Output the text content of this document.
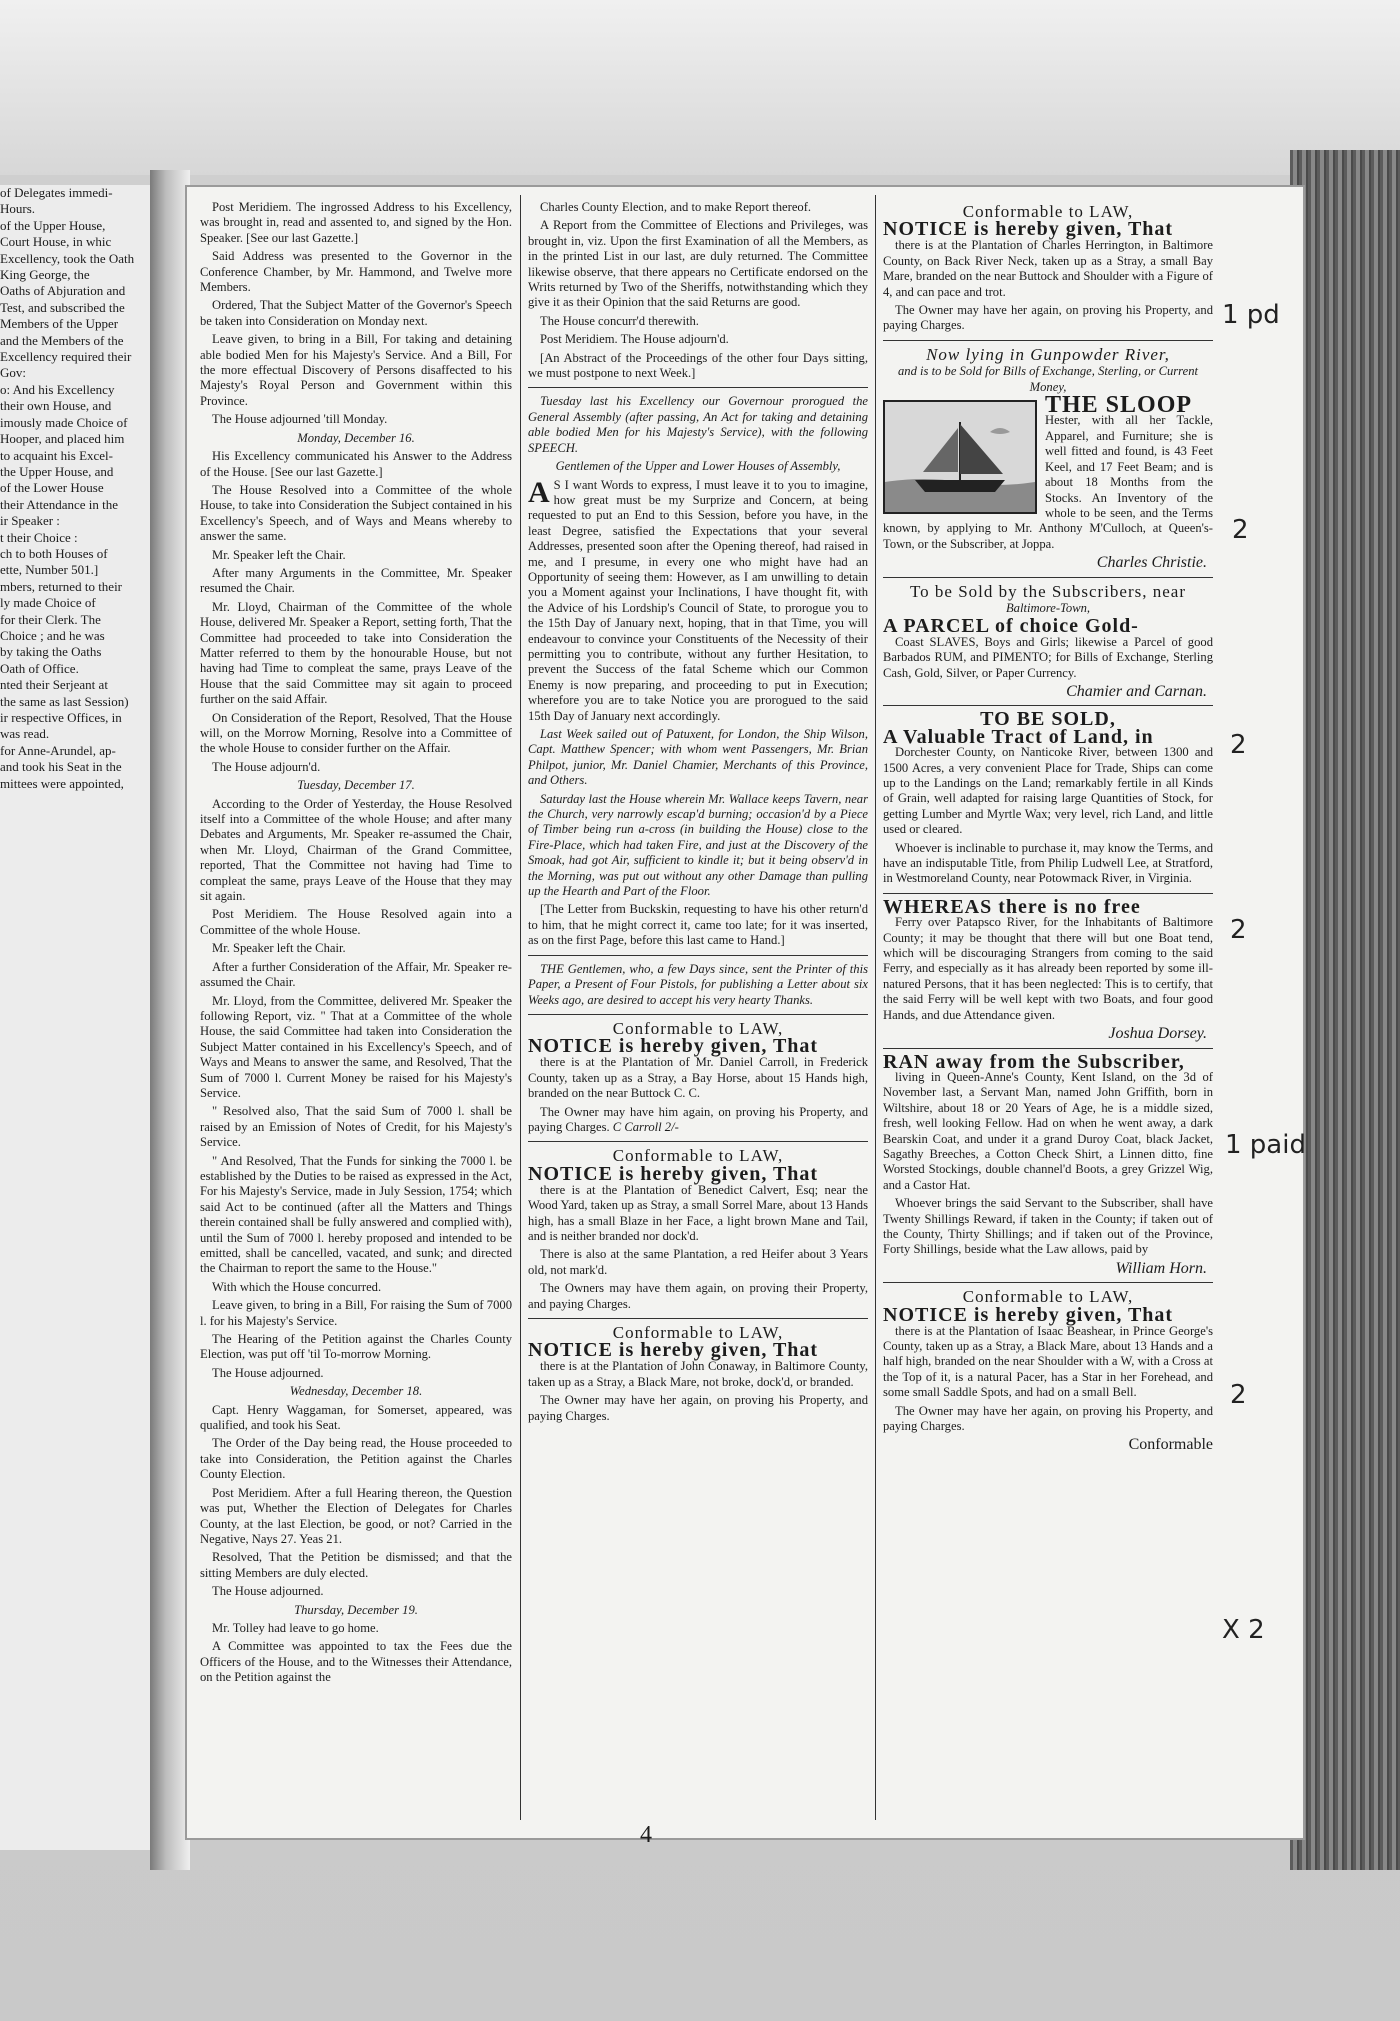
of Delegates immedi-
Hours.
of the Upper House,
Court House, in whic
Excellency, took the Oath
King George, the
Oaths of Abjuration and
Test, and subscribed the
Members of the Upper
and the Members of the
Excellency required their
Gov:
o: And his Excellency
their own House, and
imously made Choice of
Hooper, and placed him
to acquaint his Excel-
the Upper House, and
of the Lower House
their Attendance in the
ir Speaker :
t their Choice :
ch to both Houses of
ette, Number 501.]
mbers, returned to their
ly made Choice of
for their Clerk. The
Choice ; and he was
by taking the Oaths
Oath of Office.
nted their Serjeant at
the same as last Session)
ir respective Offices, in
was read.
for Anne-Arundel, ap-
and took his Seat in the
mittees were appointed,

Post Meridiem. The ingrossed Address to his Excellency, was brought in, read and assented to, and signed by the Hon. Speaker. [See our last Gazette.]

Said Address was presented to the Governor in the Conference Chamber, by Mr. Hammond, and Twelve more Members.

Ordered, That the Subject Matter of the Governor's Speech be taken into Consideration on Monday next.

Leave given, to bring in a Bill, For taking and detaining able bodied Men for his Majesty's Service. And a Bill, For the more effectual Discovery of Persons disaffected to his Majesty's Royal Person and Government within this Province.

The House adjourned 'till Monday.

Monday, December 16.

His Excellency communicated his Answer to the Address of the House. [See our last Gazette.]

The House Resolved into a Committee of the whole House, to take into Consideration the Subject contained in his Excellency's Speech, and of Ways and Means whereby to answer the same.

Mr. Speaker left the Chair.

After many Arguments in the Committee, Mr. Speaker resumed the Chair.

Mr. Lloyd, Chairman of the Committee of the whole House, delivered Mr. Speaker a Report, setting forth, That the Committee had proceeded to take into Consideration the Matter referred to them by the honourable House, but not having had Time to compleat the same, prays Leave of the House that the said Committee may sit again to proceed further on the said Affair.

On Consideration of the Report, Resolved, That the House will, on the Morrow Morning, Resolve into a Committee of the whole House to consider further on the Affair.

The House adjourn'd.

Tuesday, December 17.

According to the Order of Yesterday, the House Resolved itself into a Committee of the whole House; and after many Debates and Arguments, Mr. Speaker re-assumed the Chair, when Mr. Lloyd, Chairman of the Grand Committee, reported, That the Committee not having had Time to compleat the same, prays Leave of the House that they may sit again.

Post Meridiem. The House Resolved again into a Committee of the whole House.

Mr. Speaker left the Chair.

After a further Consideration of the Affair, Mr. Speaker re-assumed the Chair.

Mr. Lloyd, from the Committee, delivered Mr. Speaker the following Report, viz. " That at a Committee of the whole House, the said Committee had taken into Consideration the Subject Matter contained in his Excellency's Speech, and of Ways and Means to answer the same, and Resolved, That the Sum of 7000 l. Current Money be raised for his Majesty's Service.

" Resolved also, That the said Sum of 7000 l. shall be raised by an Emission of Notes of Credit, for his Majesty's Service.

" And Resolved, That the Funds for sinking the 7000 l. be established by the Duties to be raised as expressed in the Act, For his Majesty's Service, made in July Session, 1754; which said Act to be continued (after all the Matters and Things therein contained shall be fully answered and complied with), until the Sum of 7000 l. hereby proposed and intended to be emitted, shall be cancelled, vacated, and sunk; and directed the Chairman to report the same to the House."

With which the House concurred.

Leave given, to bring in a Bill, For raising the Sum of 7000 l. for his Majesty's Service.

The Hearing of the Petition against the Charles County Election, was put off 'til To-morrow Morning.

The House adjourned.

Wednesday, December 18.

Capt. Henry Waggaman, for Somerset, appeared, was qualified, and took his Seat.

The Order of the Day being read, the House proceeded to take into Consideration, the Petition against the Charles County Election.

Post Meridiem. After a full Hearing thereon, the Question was put, Whether the Election of Delegates for Charles County, at the last Election, be good, or not? Carried in the Negative, Nays 27. Yeas 21.

Resolved, That the Petition be dismissed; and that the sitting Members are duly elected.

The House adjourned.

Thursday, December 19.

Mr. Tolley had leave to go home.

A Committee was appointed to tax the Fees due the Officers of the House, and to the Witnesses their Attendance, on the Petition against the

Charles County Election, and to make Report thereof.

A Report from the Committee of Elections and Privileges, was brought in, viz. Upon the first Examination of all the Members, as in the printed List in our last, are duly returned. The Committee likewise observe, that there appears no Certificate endorsed on the Writs returned by Two of the Sheriffs, notwithstanding which they give it as their Opinion that the said Returns are good.

The House concurr'd therewith.

Post Meridiem. The House adjourn'd.

[An Abstract of the Proceedings of the other four Days sitting, we must postpone to next Week.]

Tuesday last his Excellency our Governour prorogued the General Assembly (after passing, An Act for taking and detaining able bodied Men for his Majesty's Service), with the following SPEECH.

Gentlemen of the Upper and Lower Houses of Assembly,

A S I want Words to express, I must leave it to you to imagine, how great must be my Surprize and Concern, at being requested to put an End to this Session, before you have, in the least Degree, satisfied the Expectations that your several Addresses, presented soon after the Opening thereof, had raised in me, and I presume, in every one who might have had an Opportunity of seeing them: However, as I am unwilling to detain you a Moment against your Inclinations, I have thought fit, with the Advice of his Lordship's Council of State, to prorogue you to the 15th Day of January next, hoping, that in that Time, you will endeavour to convince your Constituents of the Necessity of their permitting you to contribute, without any further Hesitation, to prevent the Success of the fatal Scheme which our Common Enemy is now preparing, and proceeding to put in Execution; wherefore you are to take Notice you are prorogued to the said 15th Day of January next accordingly.

Last Week sailed out of Patuxent, for London, the Ship Wilson, Capt. Matthew Spencer; with whom went Passengers, Mr. Brian Philpot, junior, Mr. Daniel Chamier, Merchants of this Province, and Others.

Saturday last the House wherein Mr. Wallace keeps Tavern, near the Church, very narrowly escap'd burning; occasion'd by a Piece of Timber being run a-cross (in building the House) close to the Fire-Place, which had taken Fire, and just at the Discovery of the Smoak, had got Air, sufficient to kindle it; but it being observ'd in the Morning, was put out without any other Damage than pulling up the Hearth and Part of the Floor.

[The Letter from Buckskin, requesting to have his other return'd to him, that he might correct it, came too late; for it was inserted, as on the first Page, before this last came to Hand.]

THE Gentlemen, who, a few Days since, sent the Printer of this Paper, a Present of Four Pistols, for publishing a Letter about six Weeks ago, are desired to accept his very hearty Thanks.

Conformable to LAW,
NOTICE is hereby given, That

there is at the Plantation of Mr. Daniel Carroll, in Frederick County, taken up as a Stray, a Bay Horse, about 15 Hands high, branded on the near Buttock C. C.

The Owner may have him again, on proving his Property, and paying Charges. C Carroll 2/-

Conformable to LAW,
NOTICE is hereby given, That

there is at the Plantation of Benedict Calvert, Esq; near the Wood Yard, taken up as Stray, a small Sorrel Mare, about 13 Hands high, has a small Blaze in her Face, a light brown Mane and Tail, and is neither branded nor dock'd.

There is also at the same Plantation, a red Heifer about 3 Years old, not mark'd.

The Owners may have them again, on proving their Property, and paying Charges.

Conformable to LAW,
NOTICE is hereby given, That

there is at the Plantation of John Conaway, in Baltimore County, taken up as a Stray, a Black Mare, not broke, dock'd, or branded.

The Owner may have her again, on proving his Property, and paying Charges.

Conformable to LAW,
NOTICE is hereby given, That

there is at the Plantation of Charles Herrington, in Baltimore County, on Back River Neck, taken up as a Stray, a small Bay Mare, branded on the near Buttock and Shoulder with a Figure of 4, and can pace and trot.

The Owner may have her again, on proving his Property, and paying Charges.

Now lying in Gunpowder River,

and is to be Sold for Bills of Exchange, Sterling, or Current Money,

THE SLOOP

Hester, with all her Tackle, Apparel, and Furniture; she is well fitted and found, is 43 Feet Keel, and 17 Feet Beam; and is about 18 Months from the Stocks. An Inventory of the whole to be seen, and the Terms known, by applying to Mr. Anthony M'Culloch, at Queen's-Town, or the Subscriber, at Joppa.

Charles Christie.
To be Sold by the Subscribers, near

Baltimore-Town,

A PARCEL of choice Gold-

Coast SLAVES, Boys and Girls; likewise a Parcel of good Barbados RUM, and PIMENTO; for Bills of Exchange, Sterling Cash, Gold, Silver, or Paper Currency.

Chamier and Carnan.
TO BE SOLD,
A Valuable Tract of Land, in

Dorchester County, on Nanticoke River, between 1300 and 1500 Acres, a very convenient Place for Trade, Ships can come up to the Landings on the Land; remarkably fertile in all Kinds of Grain, well adapted for raising large Quantities of Stock, for getting Lumber and Myrtle Wax; very level, rich Land, and little used or cleared.

Whoever is inclinable to purchase it, may know the Terms, and have an indisputable Title, from Philip Ludwell Lee, at Stratford, in Westmoreland County, near Potowmack River, in Virginia.

WHEREAS there is no free

Ferry over Patapsco River, for the Inhabitants of Baltimore County; it may be thought that there will but one Boat tend, which will be discouraging Strangers from coming to the said Ferry, and especially as it has already been reported by some ill-natured Persons, that it has been neglected: This is to certify, that the said Ferry will be well kept with two Boats, and four good Hands, and due Attendance given.

Joshua Dorsey.
RAN away from the Subscriber,

living in Queen-Anne's County, Kent Island, on the 3d of November last, a Servant Man, named John Griffith, born in Wiltshire, about 18 or 20 Years of Age, he is a middle sized, fresh, well looking Fellow. Had on when he went away, a dark Bearskin Coat, and under it a grand Duroy Coat, black Jacket, Sagathy Breeches, a Cotton Check Shirt, a Linnen ditto, fine Worsted Stockings, double channel'd Boots, a grey Grizzel Wig, and a Castor Hat.

Whoever brings the said Servant to the Subscriber, shall have Twenty Shillings Reward, if taken in the County; if taken out of the County, Thirty Shillings; and if taken out of the Province, Forty Shillings, beside what the Law allows, paid by

William Horn.
Conformable to LAW,
NOTICE is hereby given, That

there is at the Plantation of Isaac Beashear, in Prince George's County, taken up as a Stray, a Black Mare, about 13 Hands and a half high, branded on the near Shoulder with a W, with a Cross at the Top of it, is a natural Pacer, has a Star in her Forehead, and some small Saddle Spots, and had on a small Bell.

The Owner may have her again, on proving his Property, and paying Charges.

Conformable
1 pd
2
2
2
1 paid
2
X 2
4
